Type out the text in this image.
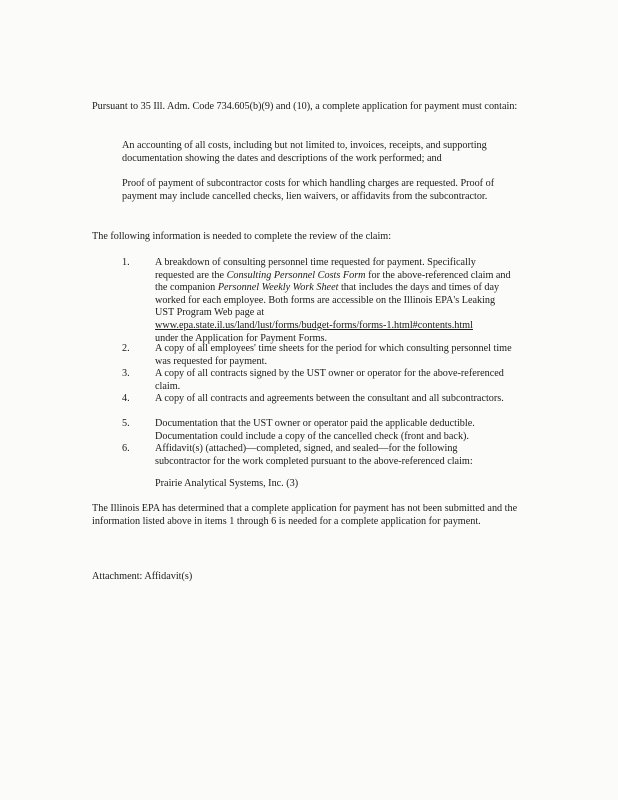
Pursuant to 35 Ill. Adm. Code 734.605(b)(9) and (10), a complete application for payment must contain:
An accounting of all costs, including but not limited to, invoices, receipts, and supporting documentation showing the dates and descriptions of the work performed; and
Proof of payment of subcontractor costs for which handling charges are requested. Proof of payment may include cancelled checks, lien waivers, or affidavits from the subcontractor.
The following information is needed to complete the review of the claim:
1. A breakdown of consulting personnel time requested for payment. Specifically requested are the Consulting Personnel Costs Form for the above-referenced claim and the companion Personnel Weekly Work Sheet that includes the days and times of day worked for each employee. Both forms are accessible on the Illinois EPA's Leaking UST Program Web page at
www.epa.state.il.us/land/lust/forms/budget-forms/forms-1.html#contents.html
under the Application for Payment Forms.
2. A copy of all employees' time sheets for the period for which consulting personnel time was requested for payment.
3. A copy of all contracts signed by the UST owner or operator for the above-referenced claim.
4. A copy of all contracts and agreements between the consultant and all subcontractors.
5. Documentation that the UST owner or operator paid the applicable deductible. Documentation could include a copy of the cancelled check (front and back).
6. Affidavit(s) (attached)—completed, signed, and sealed—for the following subcontractor for the work completed pursuant to the above-referenced claim:
Prairie Analytical Systems, Inc. (3)
The Illinois EPA has determined that a complete application for payment has not been submitted and the information listed above in items 1 through 6 is needed for a complete application for payment.
Attachment: Affidavit(s)
